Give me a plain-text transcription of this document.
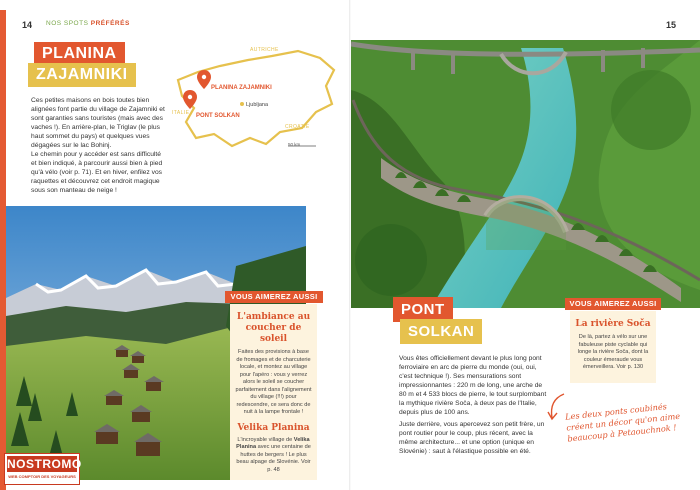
14 NOS SPOTS PRÉFÉRÉS	15
PLANINA
ZAJAMNIKI
Ces petites maisons en bois toutes bien alignées font partie du village de Zajamniki et sont garanties sans touristes (mais avec des vaches !). En arrière-plan, le Triglav (le plus haut sommet du pays) et quelques vues dégagées sur le lac Bohinj.
Le chemin pour y accéder est sans difficulté et bien indiqué, à parcourir aussi bien à pied qu'à vélo (voir p. 71). Et en hiver, enfilez vos raquettes et découvrez cet endroit magique sous son manteau de neige !
AUTRICHE
CROATIE
ITALIE
PLANINA ZAJAMNIKI
PONT SOLKAN
Ljubljana
50 km
VOUS AIMEREZ AUSSI
L'ambiance au coucher de soleil
Faites des provisions à base de fromages et de charcuterie locale, et montez au village pour l'apéro : vous y verrez alors le soleil se coucher parfaitement dans l'alignement du village (!!!) pour redescendre, ce sera donc de nuit à la lampe frontale !
Velika Planina
L'incroyable village de Velika Planina avec une centaine de huttes de bergers ! Le plus beau alpage de Slovénie. Voir p. 48
PONT
SOLKAN
Vous êtes officiellement devant le plus long pont ferroviaire en arc de pierre du monde (oui, oui, c'est technique !). Ses mensurations sont impressionnantes : 220 m de long, une arche de 80 m et 4 533 blocs de pierre, le tout surplombant la mythique rivière Soča, à deux pas de l'Italie, depuis plus de 100 ans.
Juste derrière, vous apercevez son petit frère, un pont routier pour le coup, plus récent, avec la même architecture... et une option (unique en Slovénie) : saut à l'élastique possible en été.
VOUS AIMEREZ AUSSI
La rivière Soča
De là, partez à vélo sur une fabuleuse piste cyclable qui longe la rivière Soča, dont la couleur émeraude vous émerveillera. Voir p. 130
Les deux ponts coubinés créent un décor qu'on aime beaucoup à Petaouchnok !
NOSTROMO
WEB COMPTOIR DES VOYAGEURS
